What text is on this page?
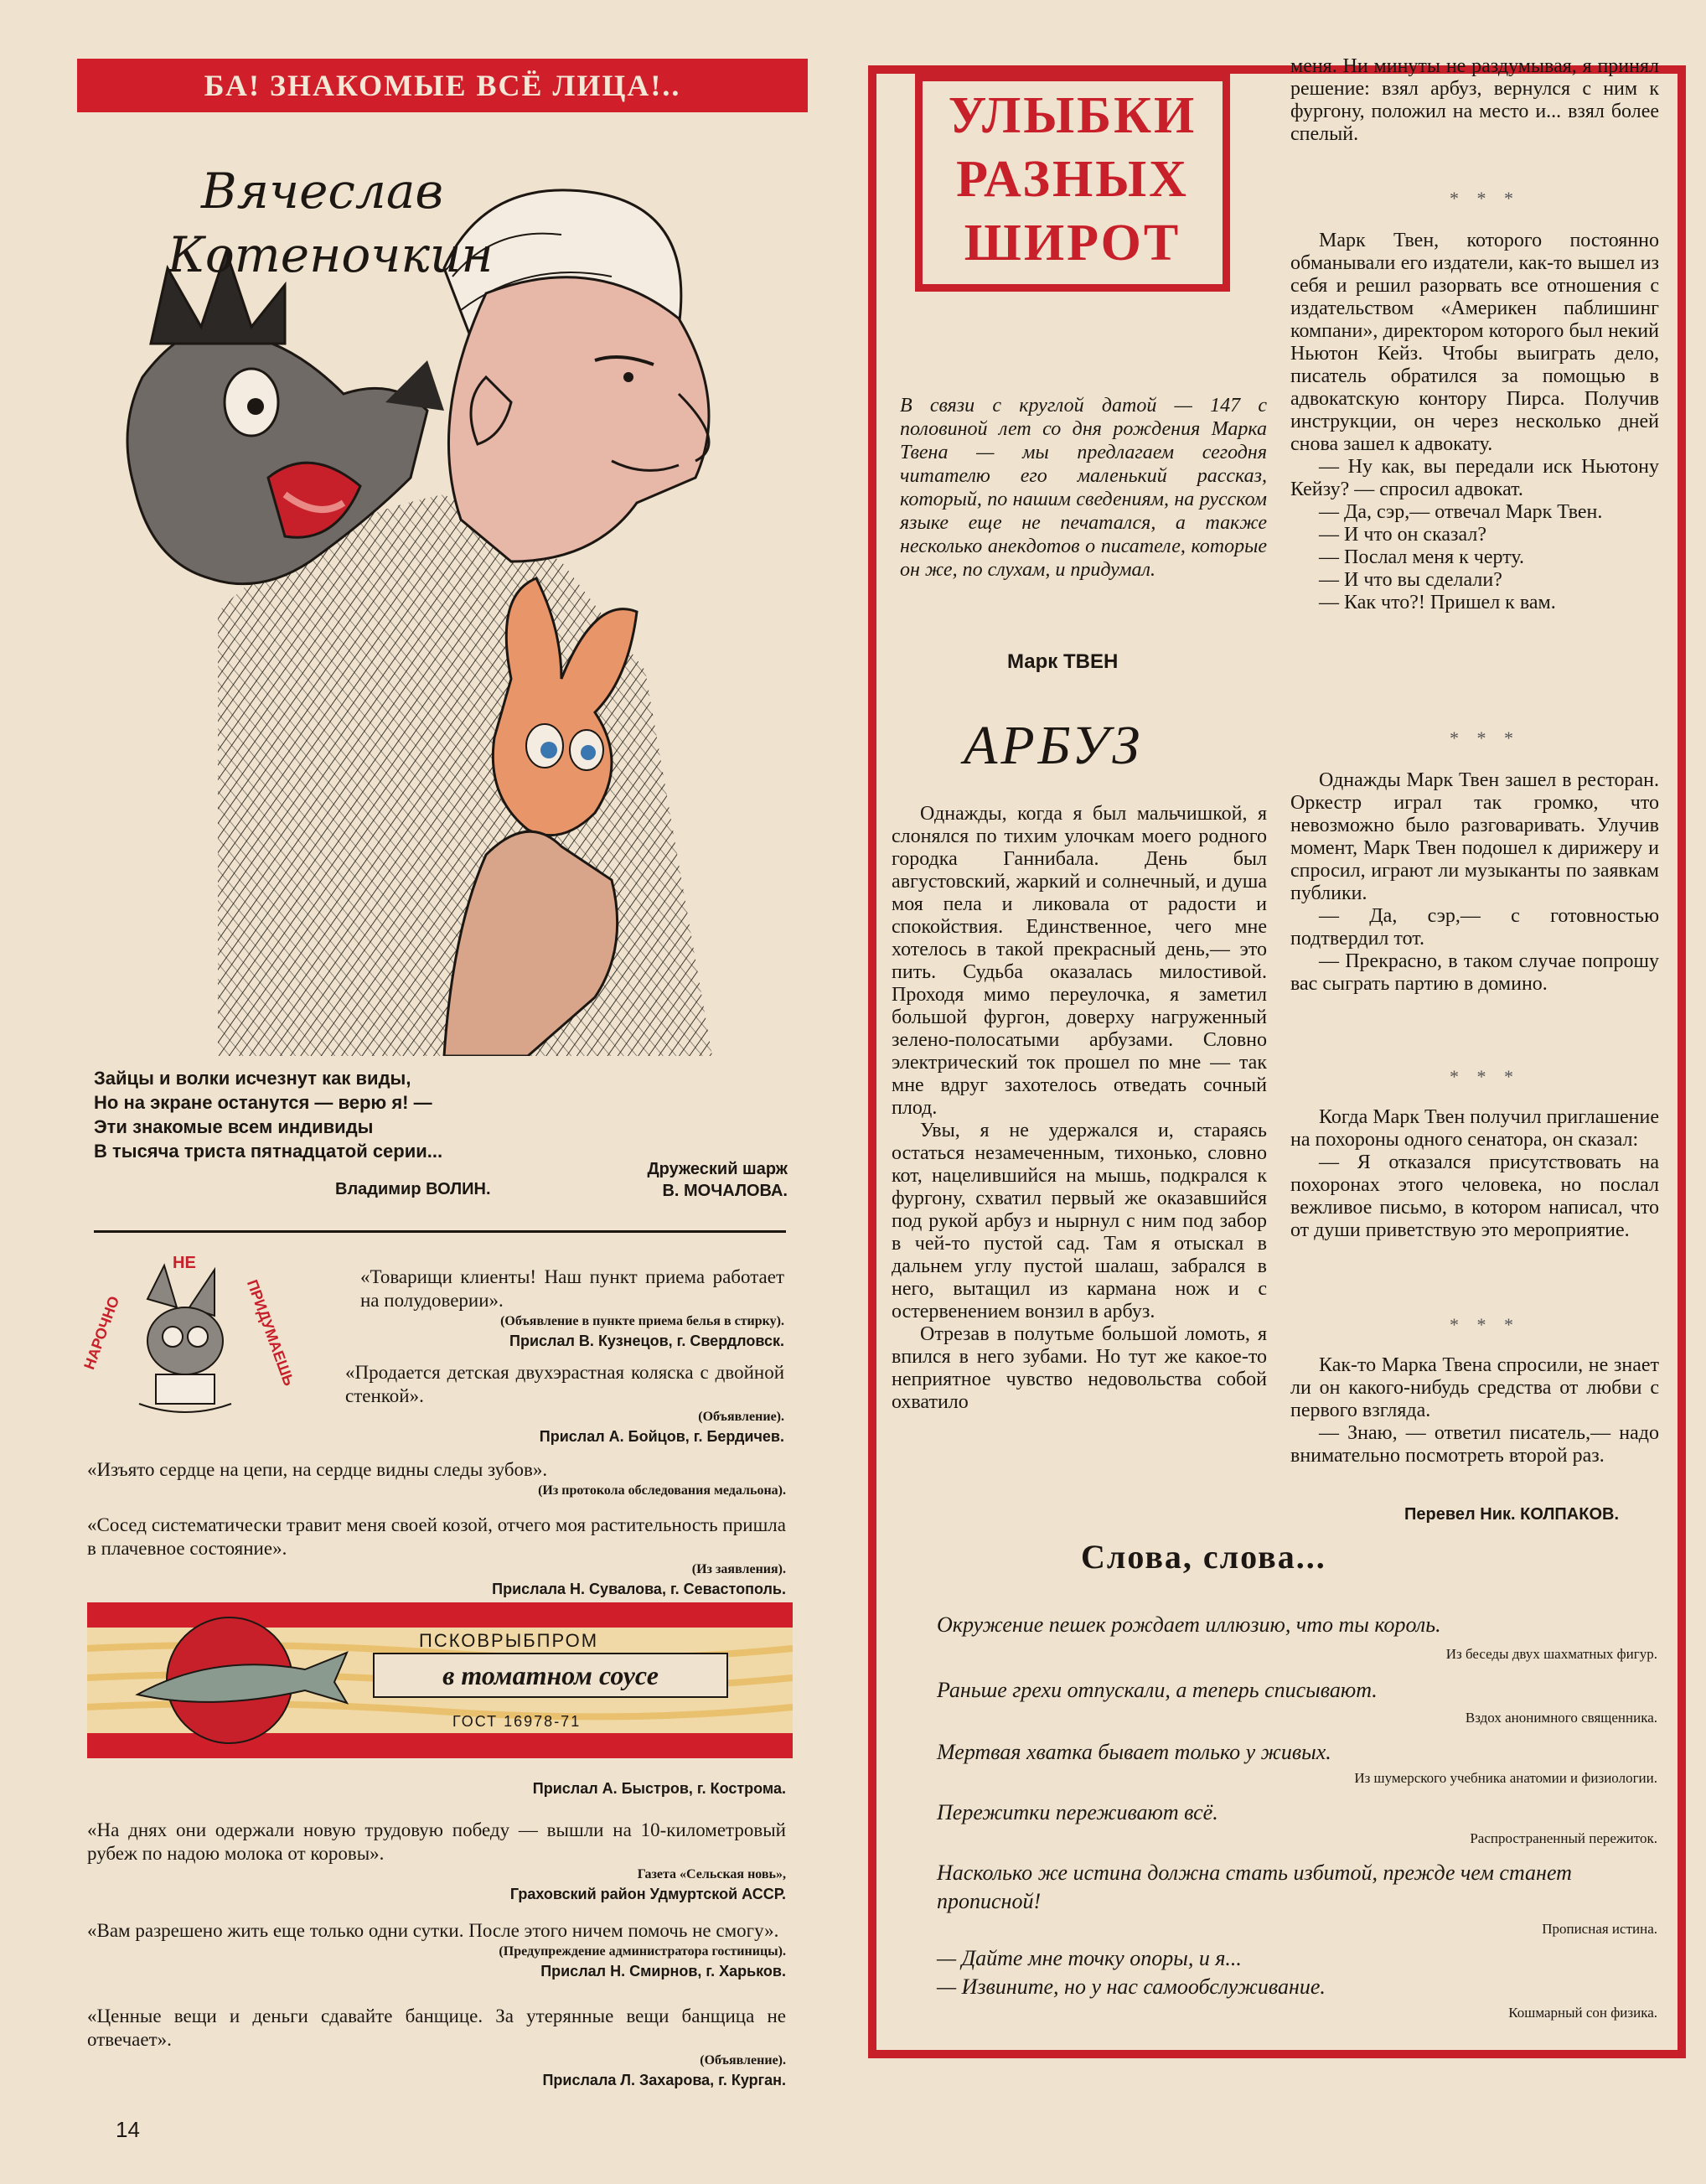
БА! ЗНАКОМЫЕ ВСЁ ЛИЦА!..
Вячеслав
Котеночкин
Зайцы и волки исчезнут как виды,
Но на экране останутся — верю я! —
Эти знакомые всем индивиды
В тысяча триста пятнадцатой серии...
Владимир ВОЛИН.
Дружеский шарж
В. МОЧАЛОВА.
НЕ
НАРОЧНО	ПРИДУМАЕШЬ
«Товарищи клиенты! Наш пункт приема работает на полудоверии».
(Объявление в пункте приема белья в стирку).
Прислал В. Кузнецов, г. Свердловск.
«Продается детская двухэрастная коляска с двойной стенкой».
(Объявление).
Прислал А. Бойцов, г. Бердичев.
«Изъято сердце на цепи, на сердце видны следы зубов».
(Из протокола обследования медальона).
«Сосед систематически травит меня своей козой, отчего моя растительность пришла в плачевное состояние».
(Из заявления).
Прислала Н. Сувалова, г. Севастополь.
ПСКОВРЫБПРОМ
в томатном соусе
ГОСТ 16978-71
Прислал А. Быстров, г. Кострома.
«На днях они одержали новую трудовую победу — вышли на 10-километровый рубеж по надою молока от коровы».
Газета «Сельская новь»,
Граховский район Удмуртской АССР.
«Вам разрешено жить еще только одни сутки. После этого ничем помочь не смогу».
(Предупреждение администратора гостиницы).
Прислал Н. Смирнов, г. Харьков.
«Ценные вещи и деньги сдавайте банщице. За утерянные вещи банщица не отвечает».
(Объявление).
Прислала Л. Захарова, г. Курган.
14
УЛЫБКИ
РАЗНЫХ
ШИРОТ
В связи с круглой датой — 147 с половиной лет со дня рождения Марка Твена — мы предлагаем сегодня читателю его маленький рассказ, который, по нашим сведениям, на русском языке еще не печатался, а также несколько анекдотов о писателе, которые он же, по слухам, и придумал.
Марк ТВЕН
АРБУЗ
Однажды, когда я был мальчишкой, я слонялся по тихим улочкам моего родного городка Ганнибала. День был августовский, жаркий и солнечный, и душа моя пела и ликовала от радости и спокойствия. Единственное, чего мне хотелось в такой прекрасный день,— это пить. Судьба оказалась милостивой. Проходя мимо переулочка, я заметил большой фургон, доверху нагруженный зелено-полосатыми арбузами. Словно электрический ток прошел по мне — так мне вдруг захотелось отведать сочный плод.
Увы, я не удержался и, стараясь остаться незамеченным, тихонько, словно кот, нацелившийся на мышь, подкрался к фургону, схватил первый же оказавшийся под рукой арбуз и нырнул с ним под забор в чей-то пустой сад. Там я отыскал в дальнем углу пустой шалаш, забрался в него, вытащил из кармана нож и с остервенением вонзил в арбуз.
Отрезав в полутьме большой ломоть, я впился в него зубами. Но тут же какое-то неприятное чувство недовольства собой охватило
меня. Ни минуты не раздумывая, я принял решение: взял арбуз, вернулся с ним к фургону, положил на место и... взял более спелый.
* * *
Марк Твен, которого постоянно обманывали его издатели, как-то вышел из себя и решил разорвать все отношения с издательством «Америкен паблишинг компани», директором которого был некий Ньютон Кейз. Чтобы выиграть дело, писатель обратился за помощью в адвокатскую контору Пирса. Получив инструкции, он через несколько дней снова зашел к адвокату.
— Ну как, вы передали иск Ньютону Кейзу? — спросил адвокат.
— Да, сэр,— отвечал Марк Твен.
— И что он сказал?
— Послал меня к черту.
— И что вы сделали?
— Как что?! Пришел к вам.
* * *
Однажды Марк Твен зашел в ресторан. Оркестр играл так громко, что невозможно было разговаривать. Улучив момент, Марк Твен подошел к дирижеру и спросил, играют ли музыканты по заявкам публики.
— Да, сэр,— с готовностью подтвердил тот.
— Прекрасно, в таком случае попрошу вас сыграть партию в домино.
* * *
Когда Марк Твен получил приглашение на похороны одного сенатора, он сказал:
— Я отказался присутствовать на похоронах этого человека, но послал вежливое письмо, в котором написал, что от души приветствую это мероприятие.
* * *
Как-то Марка Твена спросили, не знает ли он какого-нибудь средства от любви с первого взгляда.
— Знаю, — ответил писатель,— надо внимательно посмотреть второй раз.
Перевел Ник. КОЛПАКОВ.
Слова, слова...
Окружение пешек рождает иллюзию, что ты король.
Из беседы двух шахматных фигур.
Раньше грехи отпускали, а теперь списывают.
Вздох анонимного священника.
Мертвая хватка бывает только у живых.
Из шумерского учебника анатомии и физиологии.
Пережитки переживают всё.
Распространенный пережиток.
Насколько же истина должна стать избитой, прежде чем станет прописной!
Прописная истина.
— Дайте мне точку опоры, и я...
— Извините, но у нас самообслуживание.
Кошмарный сон физика.
